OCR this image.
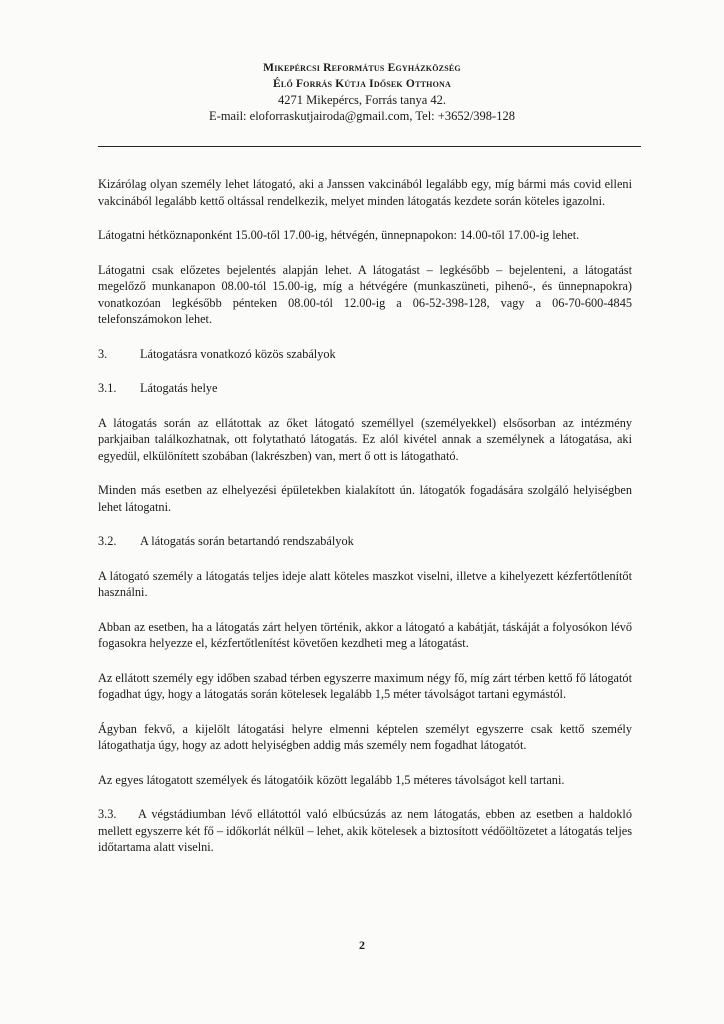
Mikepércsi Református Egyházközség
Élő Forrás Kútja Idősek Otthona
4271 Mikepércs, Forrás tanya 42.
E-mail: eloforraskutjairoda@gmail.com, Tel: +3652/398-128

Kizárólag olyan személy lehet látogató, aki a Janssen vakcinából legalább egy, míg bármi más covid elleni vakcinából legalább kettő oltással rendelkezik, melyet minden látogatás kezdete során köteles igazolni.

Látogatni hétköznaponként 15.00-től 17.00-ig, hétvégén, ünnepnapokon: 14.00-től 17.00-ig lehet.

Látogatni csak előzetes bejelentés alapján lehet. A látogatást – legkésőbb – bejelenteni, a látogatást megelőző munkanapon 08.00-tól 15.00-ig, míg a hétvégére (munkaszüneti, pihenő-, és ünnepnapokra) vonatkozóan legkésőbb pénteken 08.00-tól 12.00-ig a 06-52-398-128, vagy a 06-70-600-4845 telefonszámokon lehet.

3.	Látogatásra vonatkozó közös szabályok
3.1.	Látogatás helye

A látogatás során az ellátottak az őket látogató személlyel (személyekkel) elsősorban az intézmény parkjaiban találkozhatnak, ott folytatható látogatás. Ez alól kivétel annak a személynek a látogatása, aki egyedül, elkülönített szobában (lakrészben) van, mert ő ott is látogatható.

Minden más esetben az elhelyezési épületekben kialakított ún. látogatók fogadására szolgáló helyiségben lehet látogatni.

3.2.	A látogatás során betartandó rendszabályok

A látogató személy a látogatás teljes ideje alatt köteles maszkot viselni, illetve a kihelyezett kézfertőtlenítőt használni.

Abban az esetben, ha a látogatás zárt helyen történik, akkor a látogató a kabátját, táskáját a folyosókon lévő fogasokra helyezze el, kézfertőtlenítést követően kezdheti meg a látogatást.

Az ellátott személy egy időben szabad térben egyszerre maximum négy fő, míg zárt térben kettő fő látogatót fogadhat úgy, hogy a látogatás során kötelesek legalább 1,5 méter távolságot tartani egymástól.

Ágyban fekvő, a kijelölt látogatási helyre elmenni képtelen személyt egyszerre csak kettő személy látogathatja úgy, hogy az adott helyiségben addig más személy nem fogadhat látogatót.

Az egyes látogatott személyek és látogatóik között legalább 1,5 méteres távolságot kell tartani.

3.3. A végstádiumban lévő ellátottól való elbúcsúzás az nem látogatás, ebben az esetben a haldokló mellett egyszerre két fő – időkorlát nélkül – lehet, akik kötelesek a biztosított védőöltözetet a látogatás teljes időtartama alatt viselni.

2
